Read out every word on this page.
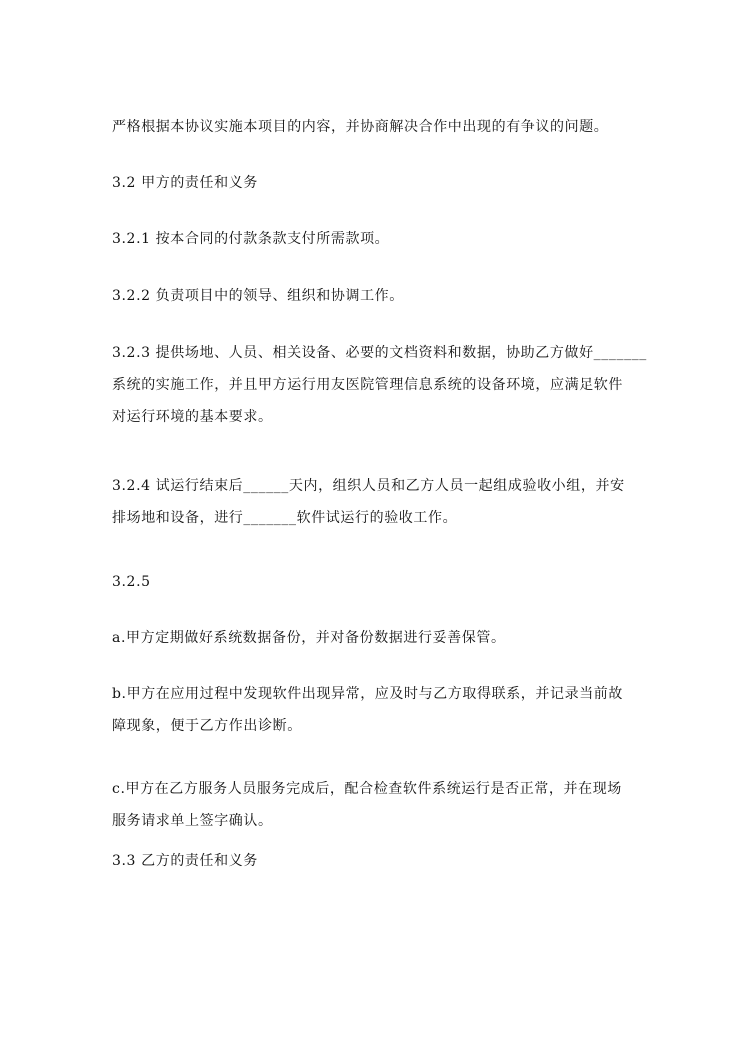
严格根据本协议实施本项目的内容，并协商解决合作中出现的有争议的问题。
3.2 甲方的责任和义务
3.2.1 按本合同的付款条款支付所需款项。
3.2.2 负责项目中的领导、组织和协调工作。
3.2.3 提供场地、人员、相关设备、必要的文档资料和数据，协助乙方做好_______
系统的实施工作，并且甲方运行用友医院管理信息系统的设备环境，应满足软件
对运行环境的基本要求。
3.2.4 试运行结束后______天内，组织人员和乙方人员一起组成验收小组，并安
排场地和设备，进行_______软件试运行的验收工作。
3.2.5
a.甲方定期做好系统数据备份，并对备份数据进行妥善保管。
b.甲方在应用过程中发现软件出现异常，应及时与乙方取得联系，并记录当前故
障现象，便于乙方作出诊断。
c.甲方在乙方服务人员服务完成后，配合检查软件系统运行是否正常，并在现场
服务请求单上签字确认。
3.3 乙方的责任和义务
